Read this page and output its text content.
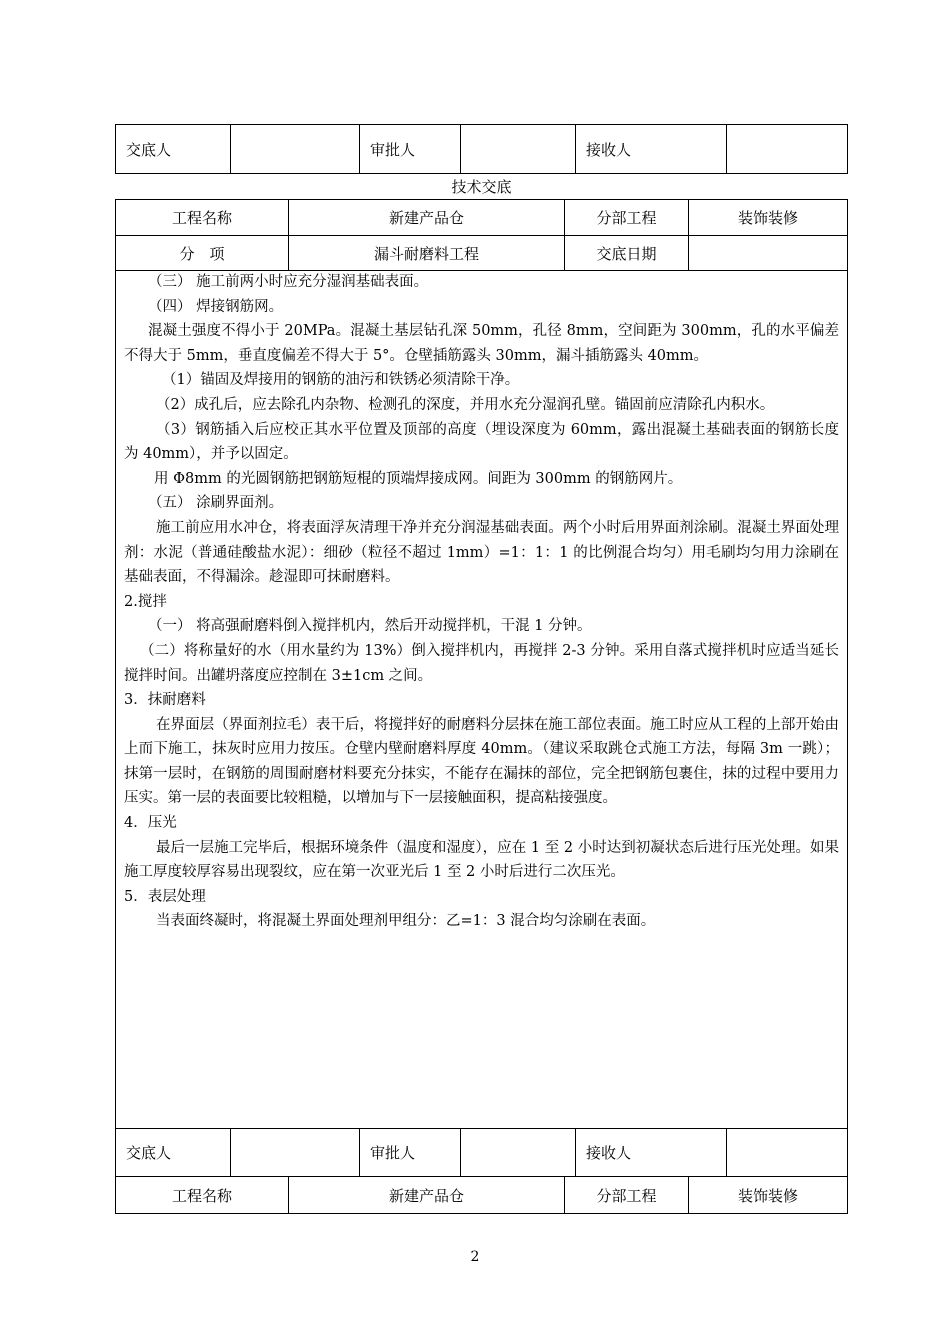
交底人		审批人		接收人	
技术交底
工程名称	新建产品仓	分部工程	装饰装修
分　项	漏斗耐磨料工程	交底日期	

（三） 施工前两小时应充分湿润基础表面。

（四） 焊接钢筋网。

混凝土强度不得小于 20MPa。混凝土基层钻孔深 50mm，孔径 8mm，空间距为 300mm，孔的水平偏差不得大于 5mm，垂直度偏差不得大于 5°。仓壁插筋露头 30mm，漏斗插筋露头 40mm。

（1）锚固及焊接用的钢筋的油污和铁锈必须清除干净。

（2）成孔后，应去除孔内杂物、检测孔的深度，并用水充分湿润孔壁。锚固前应清除孔内积水。

（3）钢筋插入后应校正其水平位置及顶部的高度（埋设深度为 60mm，露出混凝土基础表面的钢筋长度为 40mm），并予以固定。

用 Φ8mm 的光圆钢筋把钢筋短棍的顶端焊接成网。间距为 300mm 的钢筋网片。

（五） 涂刷界面剂。

施工前应用水冲仓，将表面浮灰清理干净并充分润湿基础表面。两个小时后用界面剂涂刷。混凝土界面处理剂：水泥（普通硅酸盐水泥）：细砂（粒径不超过 1mm）=1：1：1 的比例混合均匀）用毛刷均匀用力涂刷在基础表面，不得漏涂。趁湿即可抹耐磨料。

2.搅拌

（一） 将高强耐磨料倒入搅拌机内，然后开动搅拌机，干混 1 分钟。

（二）将称量好的水（用水量约为 13%）倒入搅拌机内，再搅拌 2-3 分钟。采用自落式搅拌机时应适当延长搅拌时间。出罐坍落度应控制在 3±1cm 之间。

3．抹耐磨料

在界面层（界面剂拉毛）表干后，将搅拌好的耐磨料分层抹在施工部位表面。施工时应从工程的上部开始由上而下施工，抹灰时应用力按压。仓壁内壁耐磨料厚度 40mm。（建议采取跳仓式施工方法，每隔 3m 一跳）；抹第一层时，在钢筋的周围耐磨材料要充分抹实，不能存在漏抹的部位，完全把钢筋包裹住，抹的过程中要用力压实。第一层的表面要比较粗糙，以增加与下一层接触面积，提高粘接强度。

4．压光

最后一层施工完毕后，根据环境条件（温度和湿度），应在 1 至 2 小时达到初凝状态后进行压光处理。如果施工厚度较厚容易出现裂纹，应在第一次亚光后 1 至 2 小时后进行二次压光。

5．表层处理

当表面终凝时，将混凝土界面处理剂甲组分：乙=1：3 混合均匀涂刷在表面。

交底人		审批人		接收人	
工程名称	新建产品仓	分部工程	装饰装修
2
